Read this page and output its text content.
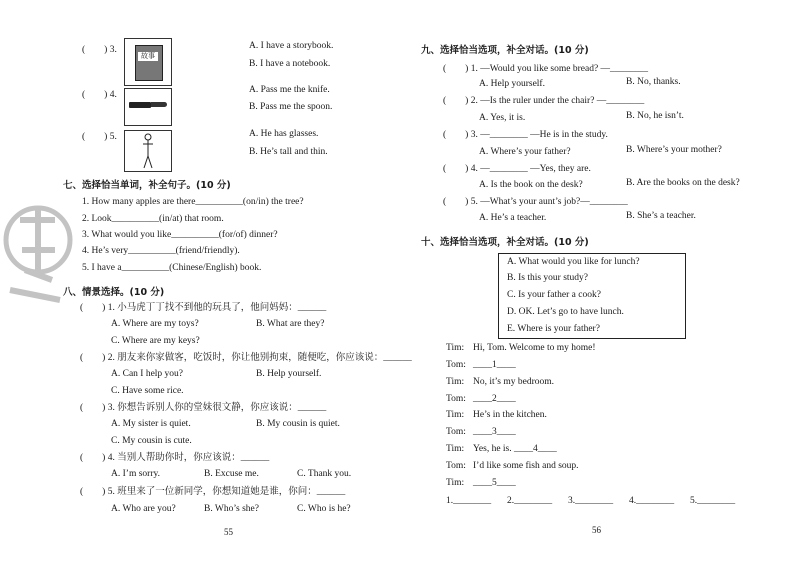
(　　) 3.
故事
A. I have a storybook.
B. I have a notebook.
(　　) 4.	A. Pass me the knife.
B. Pass me the spoon.
(　　) 5.	A. He has glasses.
B. He’s tall and thin.
七、选择恰当单词，补全句子。(10 分)
1. How many apples are there__________(on/in) the tree?
2. Look__________(in/at) that room.
3. What would you like__________(for/of) dinner?
4. He’s very__________(friend/friendly).
5. I have a__________(Chinese/English) book.
八、情景选择。(10 分)
(　　) 1. 小马虎丁丁找不到他的玩具了，他问妈妈：______
A. Where are my toys?	B. What are they?
C. Where are my keys?
(　　) 2. 朋友来你家做客，吃饭时，你让他别拘束，随便吃，你应该说：______
A. Can I help you?	B. Help yourself.
C. Have some rice.
(　　) 3. 你想告诉别人你的堂妹很文静，你应该说：______
A. My sister is quiet.	B. My cousin is quiet.
C. My cousin is cute.
(　　) 4. 当别人帮助你时，你应该说：______
A. I’m sorry.	B. Excuse me.	C. Thank you.
(　　) 5. 班里来了一位新同学，你想知道她是谁，你问：______
A. Who are you?	B. Who’s she?	C. Who is he?
55
九、选择恰当选项，补全对话。(10 分)
(　　) 1. —Would you like some bread? —________
A. Help yourself.	B. No, thanks.
(　　) 2. —Is the ruler under the chair? —________
A. Yes, it is.	B. No, he isn’t.
(　　) 3. —________ —He is in the study.
A. Where’s your father?	B. Where’s your mother?
(　　) 4. —________ —Yes, they are.
A. Is the book on the desk?	B. Are the books on the desk?
(　　) 5. —What’s your aunt’s job?—________
A. He’s a teacher.	B. She’s a teacher.
十、选择恰当选项，补全对话。(10 分)
A. What would you like for lunch?
B. Is this your study?
C. Is your father a cook?
D. OK. Let’s go to have lunch.
E. Where is your father?
Tim: Hi, Tom. Welcome to my home!
Tom: ____1____
Tim: No, it’s my bedroom.
Tom: ____2____
Tim: He’s in the kitchen.
Tom: ____3____
Tim: Yes, he is. ____4____
Tom: I’d like some fish and soup.
Tim: ____5____
1.________ 2.________ 3.________ 4.________ 5.________
56
